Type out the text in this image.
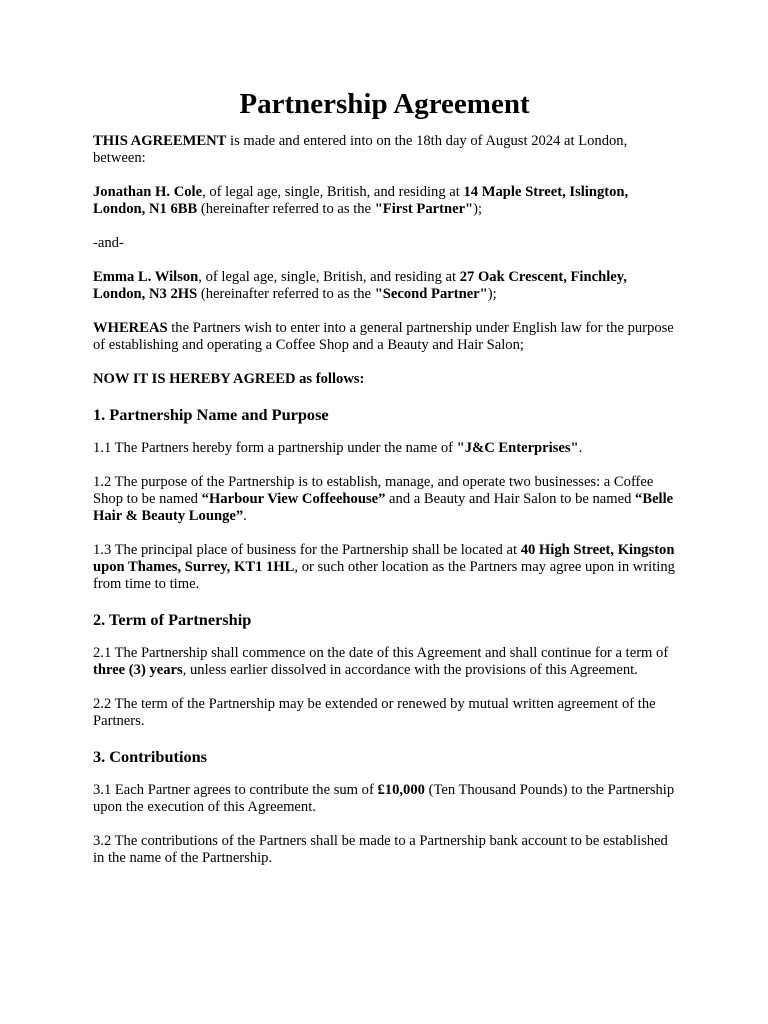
Partnership Agreement

THIS AGREEMENT is made and entered into on the 18th day of August 2024 at London, between:

Jonathan H. Cole, of legal age, single, British, and residing at 14 Maple Street, Islington, London, N1 6BB (hereinafter referred to as the "First Partner");

-and-

Emma L. Wilson, of legal age, single, British, and residing at 27 Oak Crescent, Finchley, London, N3 2HS (hereinafter referred to as the "Second Partner");

WHEREAS the Partners wish to enter into a general partnership under English law for the purpose of establishing and operating a Coffee Shop and a Beauty and Hair Salon;

NOW IT IS HEREBY AGREED as follows:

1. Partnership Name and Purpose

1.1 The Partners hereby form a partnership under the name of "J&C Enterprises".

1.2 The purpose of the Partnership is to establish, manage, and operate two businesses: a Coffee Shop to be named “Harbour View Coffeehouse” and a Beauty and Hair Salon to be named “Belle Hair & Beauty Lounge”.

1.3 The principal place of business for the Partnership shall be located at 40 High Street, Kingston upon Thames, Surrey, KT1 1HL, or such other location as the Partners may agree upon in writing from time to time.

2. Term of Partnership

2.1 The Partnership shall commence on the date of this Agreement and shall continue for a term of three (3) years, unless earlier dissolved in accordance with the provisions of this Agreement.

2.2 The term of the Partnership may be extended or renewed by mutual written agreement of the Partners.

3. Contributions

3.1 Each Partner agrees to contribute the sum of £10,000 (Ten Thousand Pounds) to the Partnership upon the execution of this Agreement.

3.2 The contributions of the Partners shall be made to a Partnership bank account to be established in the name of the Partnership.
